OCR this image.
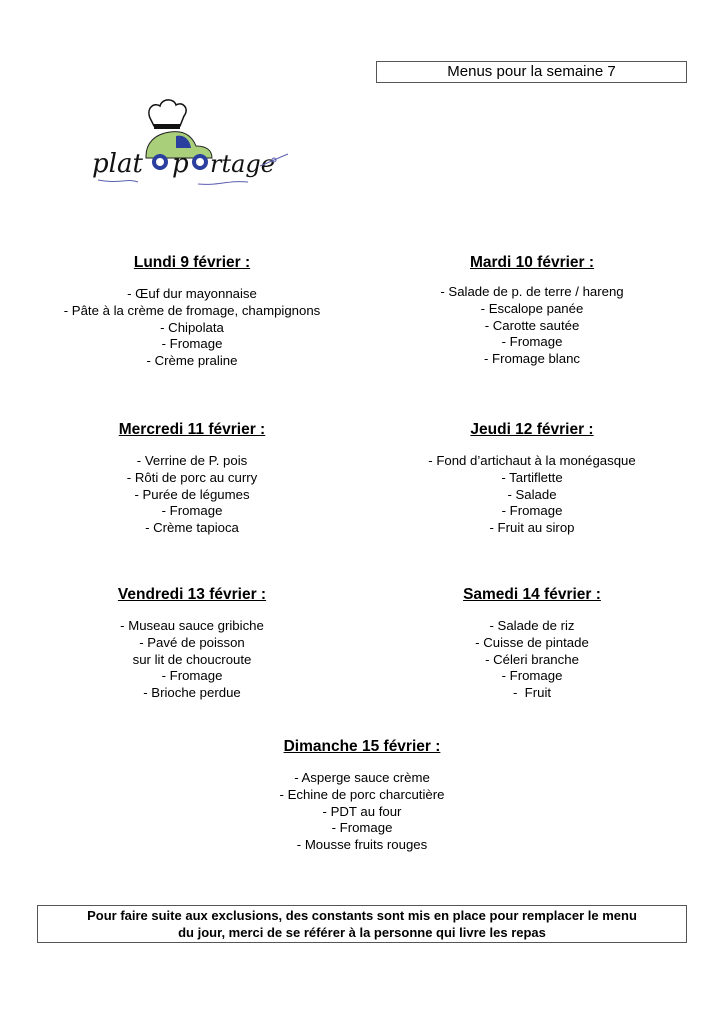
Menus pour la semaine 7
plat p rtage
Lundi 9 février :
- Œuf dur mayonnaise
- Pâte à la crème de fromage, champignons
- Chipolata
- Fromage
- Crème praline
Mardi 10 février :
- Salade de p. de terre / hareng
- Escalope panée
- Carotte sautée
- Fromage
- Fromage blanc
Mercredi 11 février :
- Verrine de P. pois
- Rôti de porc au curry
- Purée de légumes
- Fromage
- Crème tapioca
Jeudi 12 février :
- Fond d’artichaut à la monégasque
- Tartiflette
- Salade
- Fromage
- Fruit au sirop
Vendredi 13 février :
- Museau sauce gribiche
- Pavé de poisson
sur lit de choucroute
- Fromage
- Brioche perdue
Samedi 14 février :
- Salade de riz
- Cuisse de pintade
- Céleri branche
- Fromage
-  Fruit
Dimanche 15 février :
- Asperge sauce crème
- Echine de porc charcutière
- PDT au four
- Fromage
- Mousse fruits rouges
Pour faire suite aux exclusions, des constants sont mis en place pour remplacer le menu
du jour, merci de se référer à la personne qui livre les repas
